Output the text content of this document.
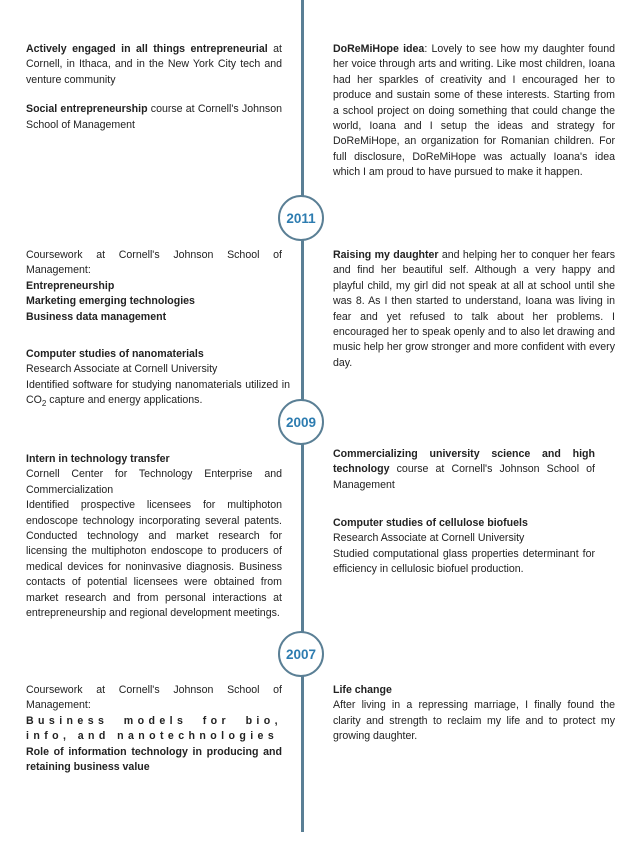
Actively engaged in all things entrepreneurial at Cornell, in Ithaca, and in the New York City tech and venture community

Social entrepreneurship course at Cornell's Johnson School of Management

DoReMiHope idea: Lovely to see how my daughter found her voice through arts and writing. Like most children, Ioana had her sparkles of creativity and I encouraged her to produce and sustain some of these interests. Starting from a school project on doing something that could change the world, Ioana and I setup the ideas and strategy for DoReMiHope, an organization for Romanian children. For full disclosure, DoReMiHope was actually Ioana's idea which I am proud to have pursued to make it happen.

2011

Coursework at Cornell's Johnson School of Management:

Entrepreneurship

Marketing emerging technologies

Business data management

Computer studies of nanomaterials

Research Associate at Cornell University

Identified software for studying nanomaterials utilized in $CO_2$ capture and energy applications.

Raising my daughter and helping her to conquer her fears and find her beautiful self. Although a very happy and playful child, my girl did not speak at all at school until she was 8. As I then started to understand, Ioana was living in fear and yet refused to talk about her problems. I encouraged her to speak openly and to also let drawing and music help her grow stronger and more confident with every day.

2009

Intern in technology transfer

Cornell Center for Technology Enterprise and Commercialization

Identified prospective licensees for multiphoton endoscope technology incorporating several patents. Conducted technology and market research for licensing the multiphoton endoscope to producers of medical devices for noninvasive diagnosis. Business contacts of potential licensees were obtained from market research and from personal interactions at entrepreneurship and regional development meetings.

Commercializing university science and high technology course at Cornell's Johnson School of Management

Computer studies of cellulose biofuels

Research Associate at Cornell University

Studied computational glass properties determinant for efficiency in cellulosic biofuel production.

2007

Coursework at Cornell's Johnson School of Management:

Business models for bio, info, and nanotechnologies

Role of information technology in producing and retaining business value

Life change

After living in a repressing marriage, I finally found the clarity and strength to reclaim my life and to protect my growing daughter.
